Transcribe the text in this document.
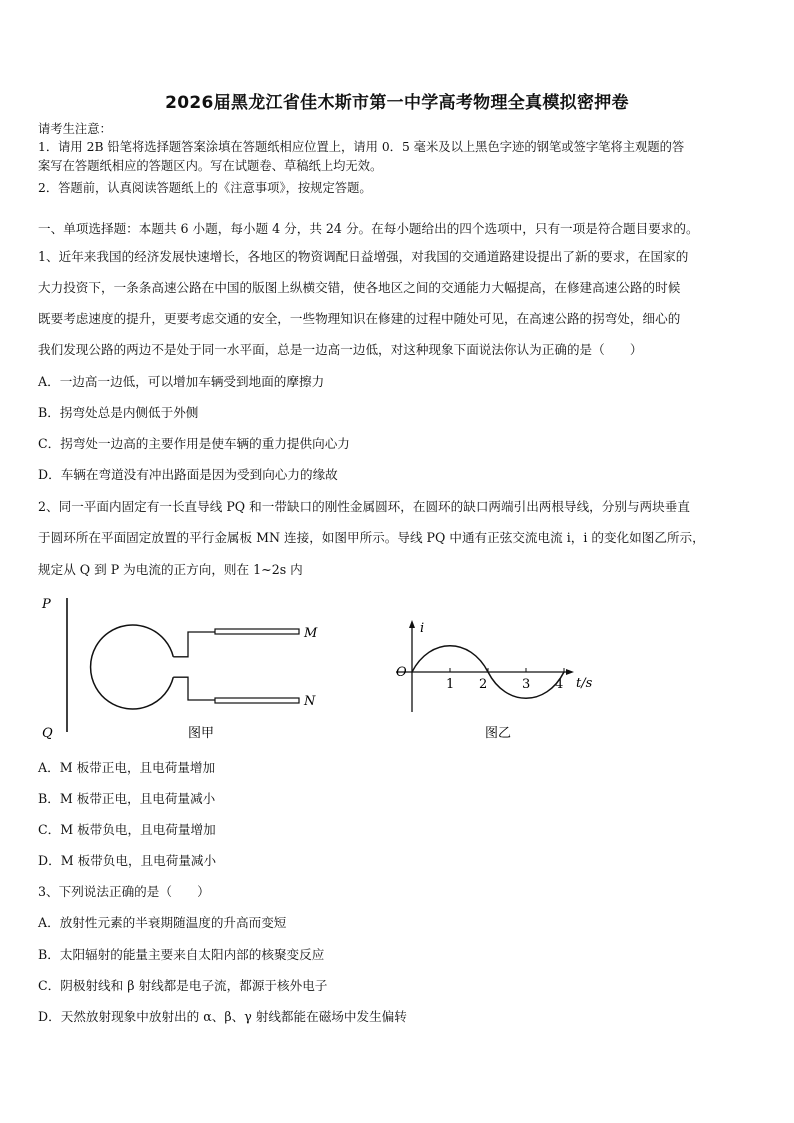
2026届黑龙江省佳木斯市第一中学高考物理全真模拟密押卷
请考生注意：
1．请用 2B 铅笔将选择题答案涂填在答题纸相应位置上，请用 0．5 毫米及以上黑色字迹的钢笔或签字笔将主观题的答
案写在答题纸相应的答题区内。写在试题卷、草稿纸上均无效。
2．答题前，认真阅读答题纸上的《注意事项》，按规定答题。
一、单项选择题：本题共 6 小题，每小题 4 分，共 24 分。在每小题给出的四个选项中，只有一项是符合题目要求的。
1、近年来我国的经济发展快速增长，各地区的物资调配日益增强，对我国的交通道路建设提出了新的要求，在国家的
大力投资下，一条条高速公路在中国的版图上纵横交错，使各地区之间的交通能力大幅提高，在修建高速公路的时候
既要考虑速度的提升，更要考虑交通的安全，一些物理知识在修建的过程中随处可见，在高速公路的拐弯处，细心的
我们发现公路的两边不是处于同一水平面，总是一边高一边低，对这种现象下面说法你认为正确的是（　　）
A．一边高一边低，可以增加车辆受到地面的摩擦力
B．拐弯处总是内侧低于外侧
C．拐弯处一边高的主要作用是使车辆的重力提供向心力
D．车辆在弯道没有冲出路面是因为受到向心力的缘故
2、同一平面内固定有一长直导线 PQ 和一带缺口的刚性金属圆环，在圆环的缺口两端引出两根导线，分别与两块垂直
于圆环所在平面固定放置的平行金属板 MN 连接，如图甲所示。导线 PQ 中通有正弦交流电流 i，i 的变化如图乙所示，
规定从 Q 到 P 为电流的正方向，则在 1~2s 内
P
Q
M
N
图甲
i
t/s
O
1 2	3 4
图乙
A．M 板带正电，且电荷量增加
B．M 板带正电，且电荷量减小
C．M 板带负电，且电荷量增加
D．M 板带负电，且电荷量减小
3、下列说法正确的是（　　）
A．放射性元素的半衰期随温度的升高而变短
B．太阳辐射的能量主要来自太阳内部的核聚变反应
C．阴极射线和 β 射线都是电子流，都源于核外电子
D．天然放射现象中放射出的 α、β、γ 射线都能在磁场中发生偏转
